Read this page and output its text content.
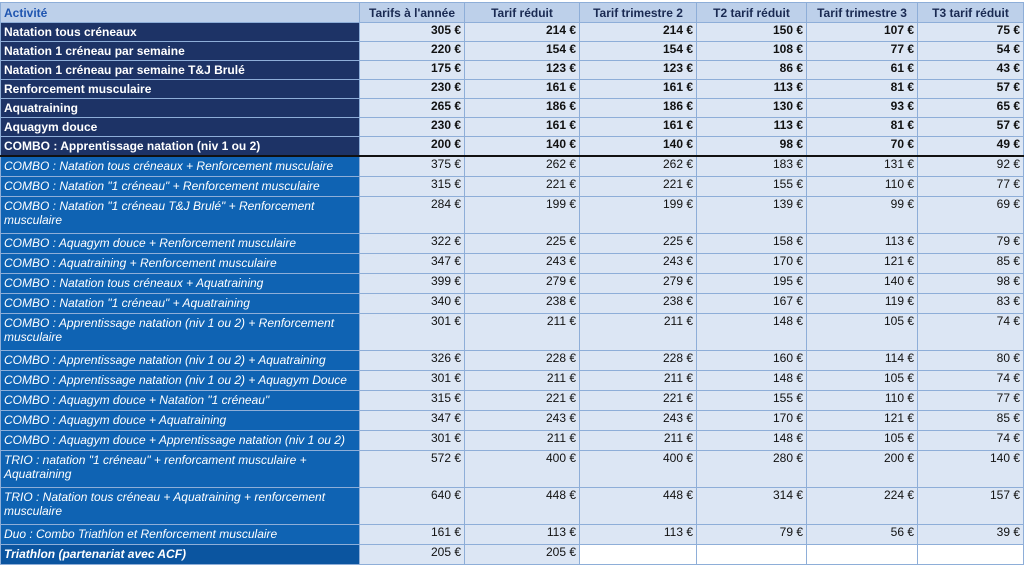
Activité	Tarifs à l'année	Tarif réduit	Tarif trimestre 2	T2 tarif réduit	Tarif trimestre 3	T3 tarif réduit
Natation tous créneaux	305 €	214 €	214 €	150 €	107 €	75 €
Natation 1 créneau par semaine	220 €	154 €	154 €	108 €	77 €	54 €
Natation 1 créneau par semaine T&J Brulé	175 €	123 €	123 €	86 €	61 €	43 €
Renforcement musculaire	230 €	161 €	161 €	113 €	81 €	57 €
Aquatraining	265 €	186 €	186 €	130 €	93 €	65 €
Aquagym douce	230 €	161 €	161 €	113 €	81 €	57 €
COMBO : Apprentissage natation (niv 1 ou 2)	200 €	140 €	140 €	98 €	70 €	49 €
COMBO : Natation tous créneaux + Renforcement musculaire	375 €	262 €	262 €	183 €	131 €	92 €
COMBO : Natation "1 créneau" + Renforcement musculaire	315 €	221 €	221 €	155 €	110 €	77 €
COMBO : Natation "1 créneau T&J Brulé" + Renforcement musculaire	284 €	199 €	199 €	139 €	99 €	69 €
COMBO : Aquagym douce + Renforcement musculaire	322 €	225 €	225 €	158 €	113 €	79 €
COMBO : Aquatraining + Renforcement musculaire	347 €	243 €	243 €	170 €	121 €	85 €
COMBO : Natation tous créneaux + Aquatraining	399 €	279 €	279 €	195 €	140 €	98 €
COMBO : Natation "1 créneau" + Aquatraining	340 €	238 €	238 €	167 €	119 €	83 €
COMBO : Apprentissage natation (niv 1 ou 2) + Renforcement musculaire	301 €	211 €	211 €	148 €	105 €	74 €
COMBO : Apprentissage natation (niv 1 ou 2) + Aquatraining	326 €	228 €	228 €	160 €	114 €	80 €
COMBO : Apprentissage natation (niv 1 ou 2) + Aquagym Douce	301 €	211 €	211 €	148 €	105 €	74 €
COMBO : Aquagym douce + Natation "1 créneau"	315 €	221 €	221 €	155 €	110 €	77 €
COMBO : Aquagym douce + Aquatraining	347 €	243 €	243 €	170 €	121 €	85 €
COMBO : Aquagym douce + Apprentissage natation (niv 1 ou 2)	301 €	211 €	211 €	148 €	105 €	74 €
TRIO : natation "1 créneau" + renforcament musculaire + Aquatraining	572 €	400 €	400 €	280 €	200 €	140 €
TRIO : Natation tous créneau + Aquatraining + renforcement musculaire	640 €	448 €	448 €	314 €	224 €	157 €
Duo : Combo Triathlon et Renforcement musculaire	161 €	113 €	113 €	79 €	56 €	39 €
Triathlon (partenariat avec ACF)	205 €	205 €				
